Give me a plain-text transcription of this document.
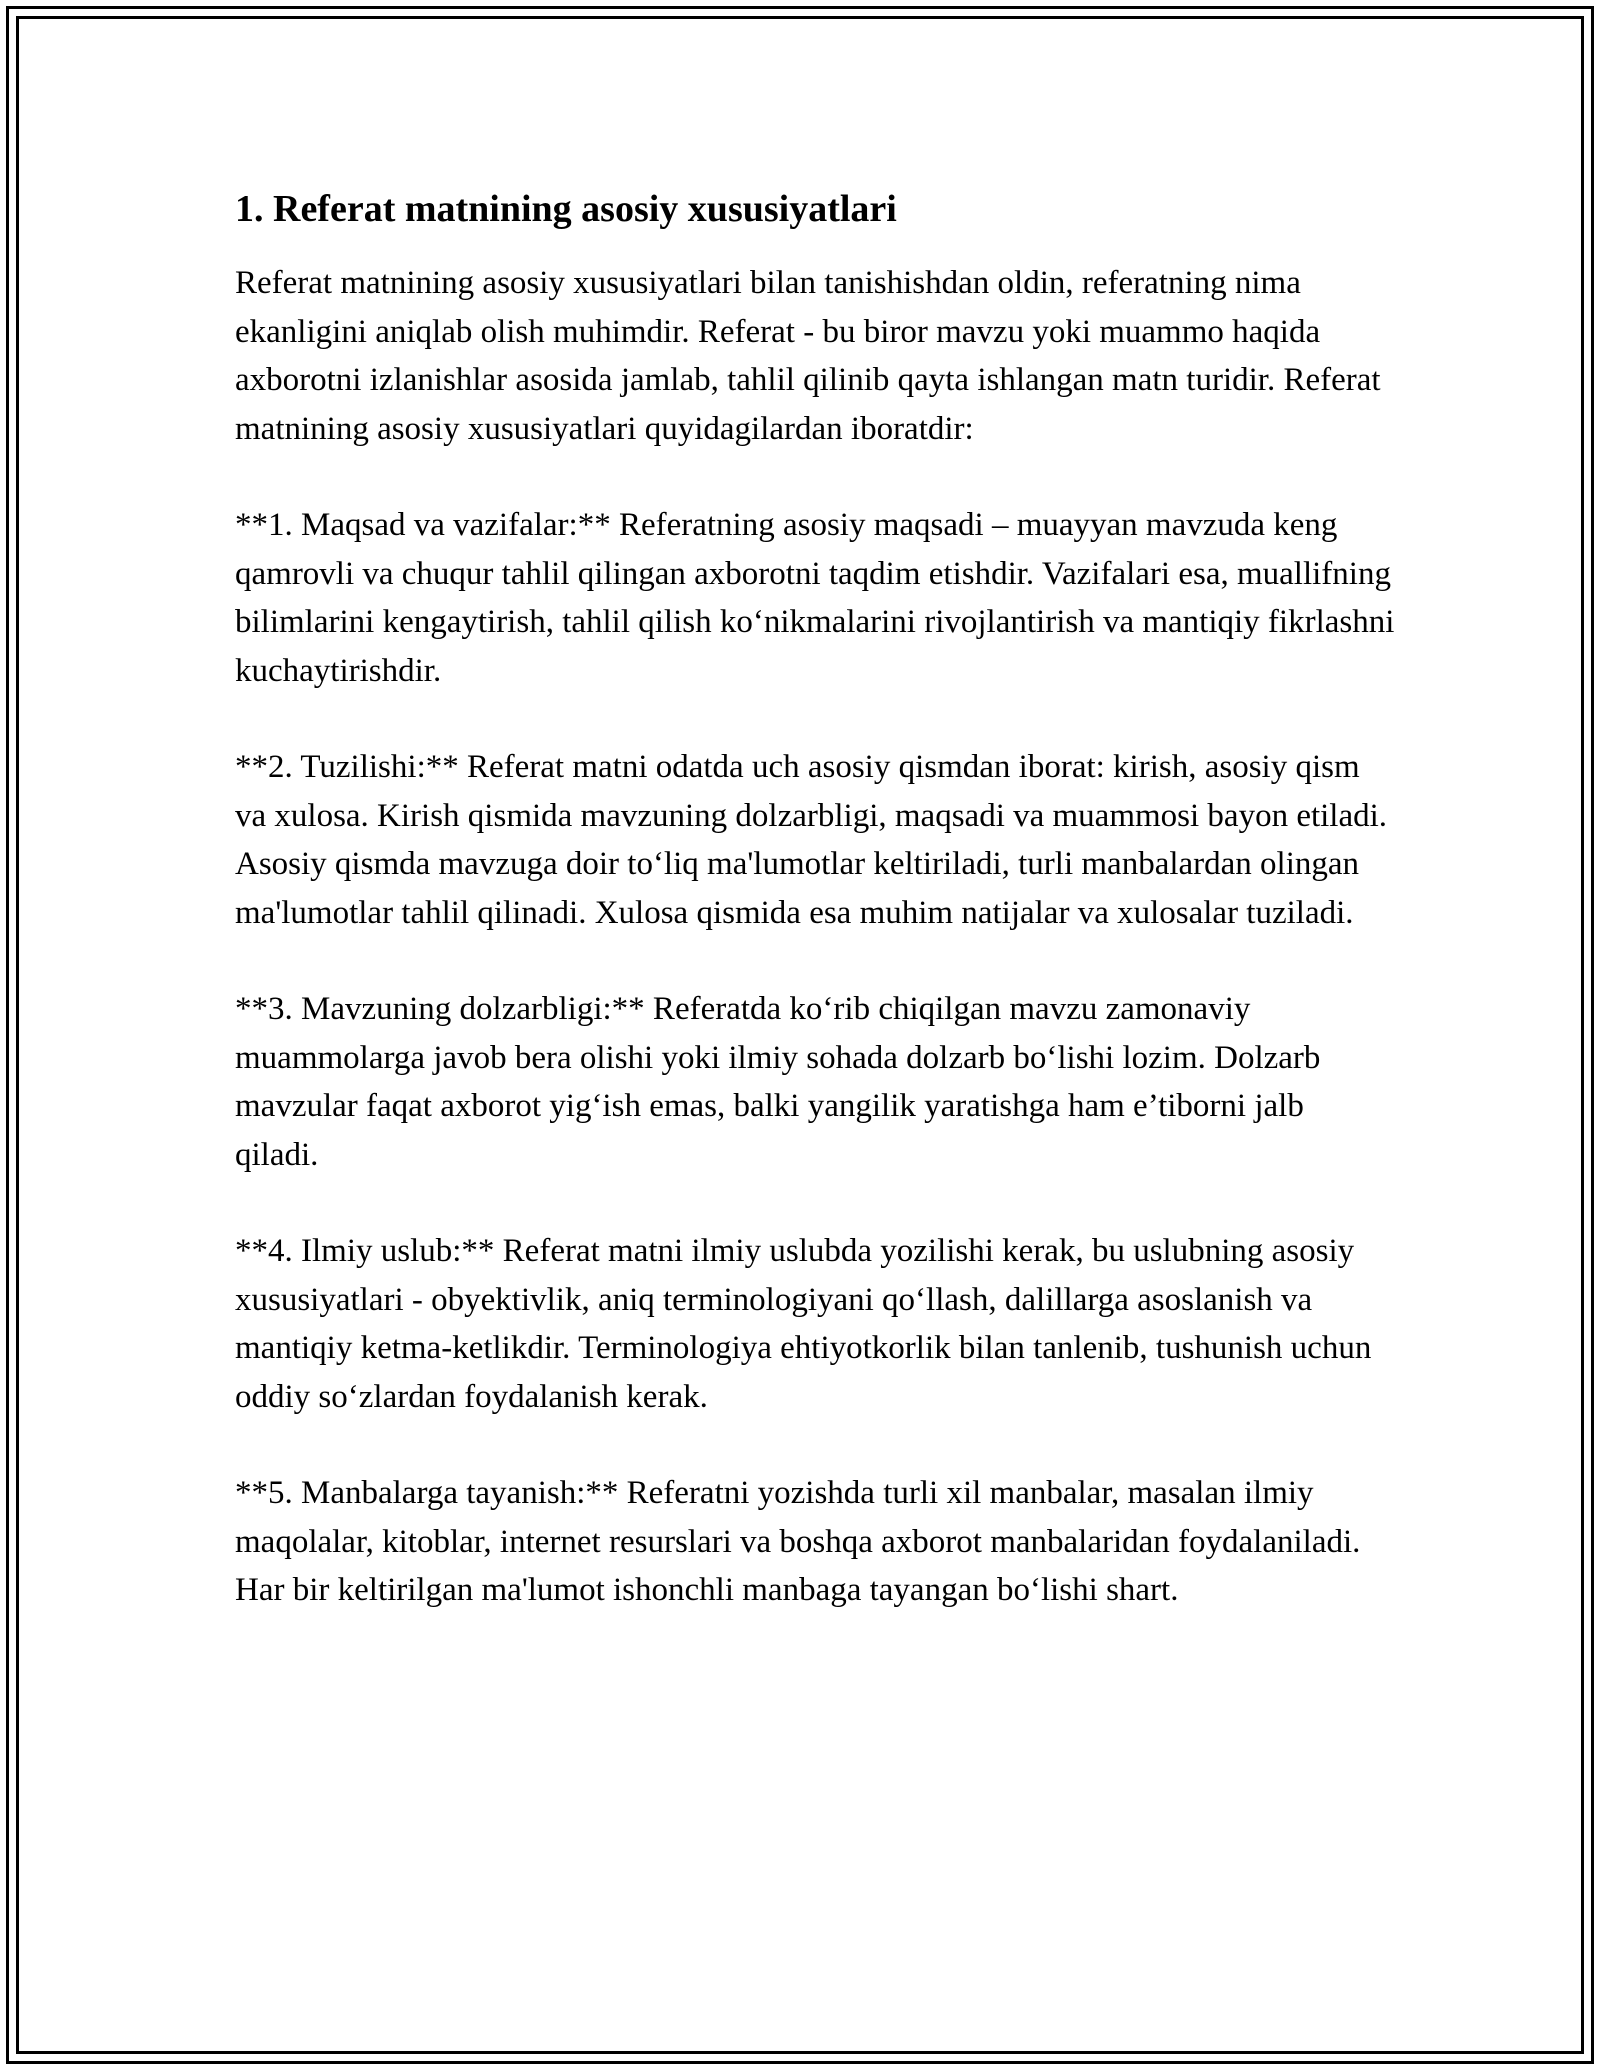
1. Referat matnining asosiy xususiyatlari

Referat matnining asosiy xususiyatlari bilan tanishishdan oldin, referatning nima ekanligini aniqlab olish muhimdir. Referat - bu biror mavzu yoki muammo haqida axborotni izlanishlar asosida jamlab, tahlil qilinib qayta ishlangan matn turidir. Referat matnining asosiy xususiyatlari quyidagilardan iboratdir:

**1. Maqsad va vazifalar:** Referatning asosiy maqsadi – muayyan mavzuda keng qamrovli va chuqur tahlil qilingan axborotni taqdim etishdir. Vazifalari esa, muallifning bilimlarini kengaytirish, tahlil qilish ko‘nikmalarini rivojlantirish va mantiqiy fikrlashni kuchaytirishdir.

**2. Tuzilishi:** Referat matni odatda uch asosiy qismdan iborat: kirish, asosiy qism va xulosa. Kirish qismida mavzuning dolzarbligi, maqsadi va muammosi bayon etiladi. Asosiy qismda mavzuga doir to‘liq ma'lumotlar keltiriladi, turli manbalardan olingan ma'lumotlar tahlil qilinadi. Xulosa qismida esa muhim natijalar va xulosalar tuziladi.

**3. Mavzuning dolzarbligi:** Referatda ko‘rib chiqilgan mavzu zamonaviy muammolarga javob bera olishi yoki ilmiy sohada dolzarb bo‘lishi lozim. Dolzarb mavzular faqat axborot yig‘ish emas, balki yangilik yaratishga ham e’tiborni jalb qiladi.

**4. Ilmiy uslub:** Referat matni ilmiy uslubda yozilishi kerak, bu uslubning asosiy xususiyatlari - obyektivlik, aniq terminologiyani qo‘llash, dalillarga asoslanish va mantiqiy ketma-ketlikdir. Terminologiya ehtiyotkorlik bilan tanlenib, tushunish uchun oddiy so‘zlardan foydalanish kerak.

**5. Manbalarga tayanish:** Referatni yozishda turli xil manbalar, masalan ilmiy maqolalar, kitoblar, internet resurslari va boshqa axborot manbalaridan foydalaniladi. Har bir keltirilgan ma'lumot ishonchli manbaga tayangan bo‘lishi shart.
